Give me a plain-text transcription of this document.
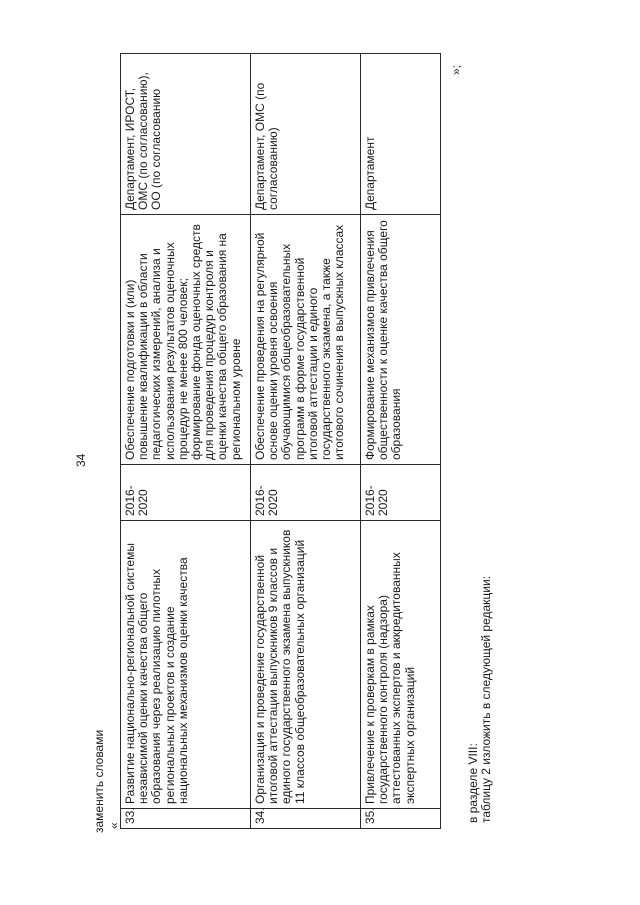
34
заменить словами «
33.	Развитие национально-региональной системы независимой оценки качества общего образования через реализацию пилотных региональных проектов и создание национальных механизмов оценки качества	2016-2020	Обеспечение подготовки и (или) повышение квалификации в области педагогических измерений, анализа и использования результатов оценочных процедур не менее 800 человек; формирование фонда оценочных средств для проведения процедур контроля и оценки качества общего образования на региональном уровне	Департамент, ИРОСТ, ОМС (по согласованию), ОО (по согласованию
34.	Организация и проведение государственной итоговой аттестации выпускников 9 классов и единого государственного экзамена выпускников 11 классов общеобразовательных организаций	2016-2020	Обеспечение проведения на регулярной основе оценки уровня освоения обучающимися общеобразовательных программ в форме государственной итоговой аттестации и единого государственного экзамена, а также итогового сочинения в выпускных классах	Департамент, ОМС (по согласованию)
35.	Привлечение к проверкам в рамках государственного контроля (надзора) аттестованных экспертов и аккредитованных экспертных организаций	2016-2020	Формирование механизмов привлечения общественности к оценке качества общего образования	Департамент
»;
в разделе VIII: таблицу 2 изложить в следующей редакции:
